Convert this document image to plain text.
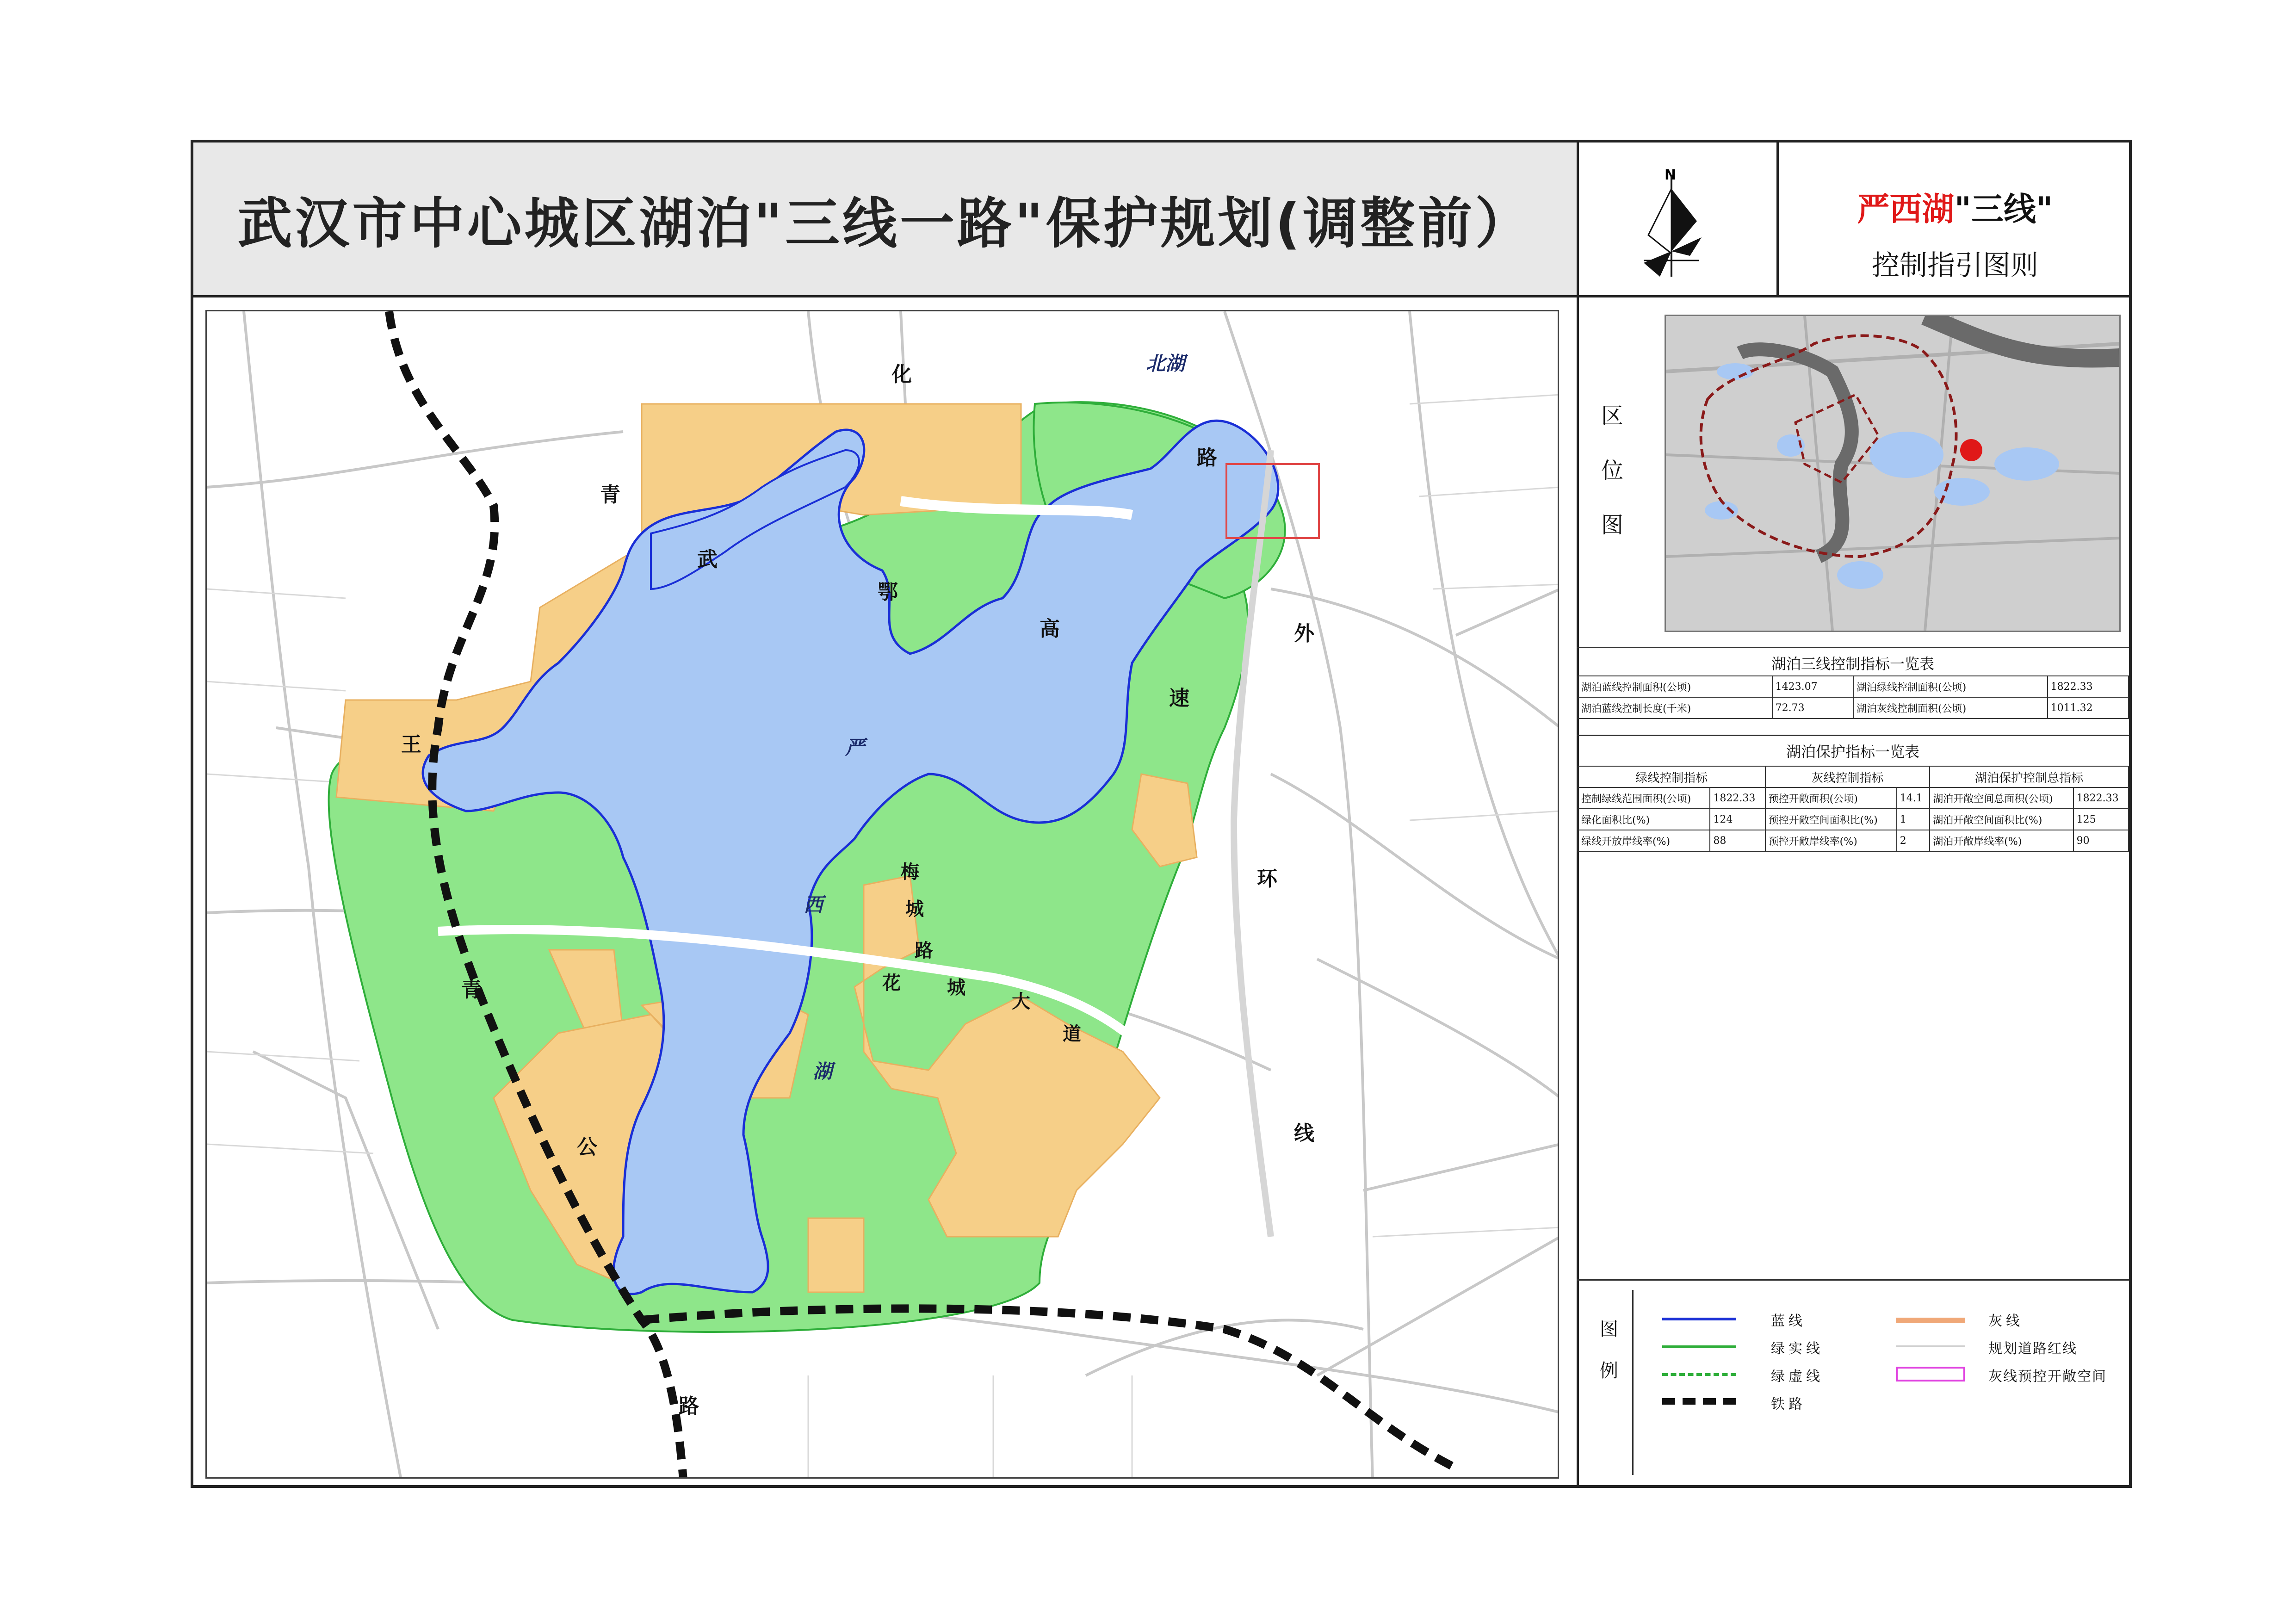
武汉市中心城区湖泊"三线一路"保护规划(调整前）
N
严西湖"三线"
控制指引图则
区
位
图
湖泊三线控制指标一览表
湖泊蓝线控制面积(公顷)	1423.07	湖泊绿线控制面积(公顷)	1822.33
湖泊蓝线控制长度(千米)	72.73	湖泊灰线控制面积(公顷)	1011.32
湖泊保护指标一览表
绿线控制指标		灰线控制指标		湖泊保护控制总指标	
控制绿线范围面积(公顷)	1822.33	预控开敞面积(公顷)	14.1	湖泊开敞空间总面积(公顷)	1822.33
绿化面积比(%)	124	预控开敞空间面积比(%)	1	湖泊开敞空间面积比(%)	125
绿线开放岸线率(%)	88	预控开敞岸线率(%)	2	湖泊开敞岸线率(%)	90
图
例
蓝线
绿实线
绿虚线
铁路
灰线
规划道路红线
灰线预控开敞空间
化
路
北湖
青
武
鄂
高	外
速
王	严
环
梅
西	城
路
花	城
大
青
道
湖
线
公
路
